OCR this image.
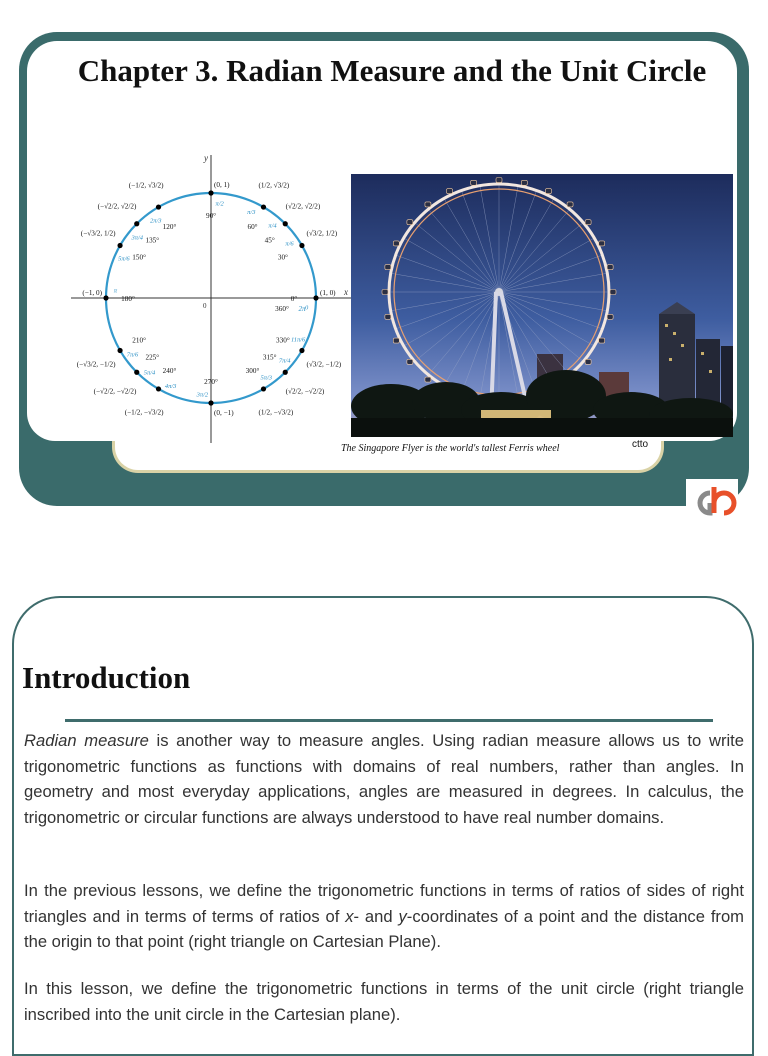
Chapter 3. Radian Measure and the Unit Circle
x
y
0
(1, 0)
0°
0
(√3/2, 1/2)
30°
π/6
(√2/2, √2/2)
45°
π/4
(1/2, √3/2)
60°
π/3
(0, 1)
90°
π/2
(−1/2, √3/2)
120°
2π/3
(−√2/2, √2/2)
135°
3π/4
(−√3/2, 1/2)
150°
5π/6
(−1, 0)
180°
π
(−√3/2, −1/2)
210°
7π/6
(−√2/2, −√2/2)
225°
5π/4
(−1/2, −√3/2)
240°
4π/3
(0, −1)
270°
3π/2
(1/2, −√3/2)
300°
5π/3
(√2/2, −√2/2)
315° 7π/4 (√3/2, −1/2)
330° 11π/6
360° 2π
The Singapore Flyer is the world's tallest Ferris wheel	ctto
Introduction

Radian measure is another way to measure angles. Using radian measure allows us to write trigonometric functions as functions with domains of real numbers, rather than angles. In geometry and most everyday applications, angles are measured in degrees. In calculus, the trigonometric or circular functions are always understood to have real number domains.

In the previous lessons, we define the trigonometric functions in terms of ratios of sides of right triangles and in terms of terms of ratios of x- and y-coordinates of a point and the distance from the origin to that point (right triangle on Cartesian Plane).

In this lesson, we define the trigonometric functions in terms of the unit circle (right triangle inscribed into the unit circle in the Cartesian plane).
